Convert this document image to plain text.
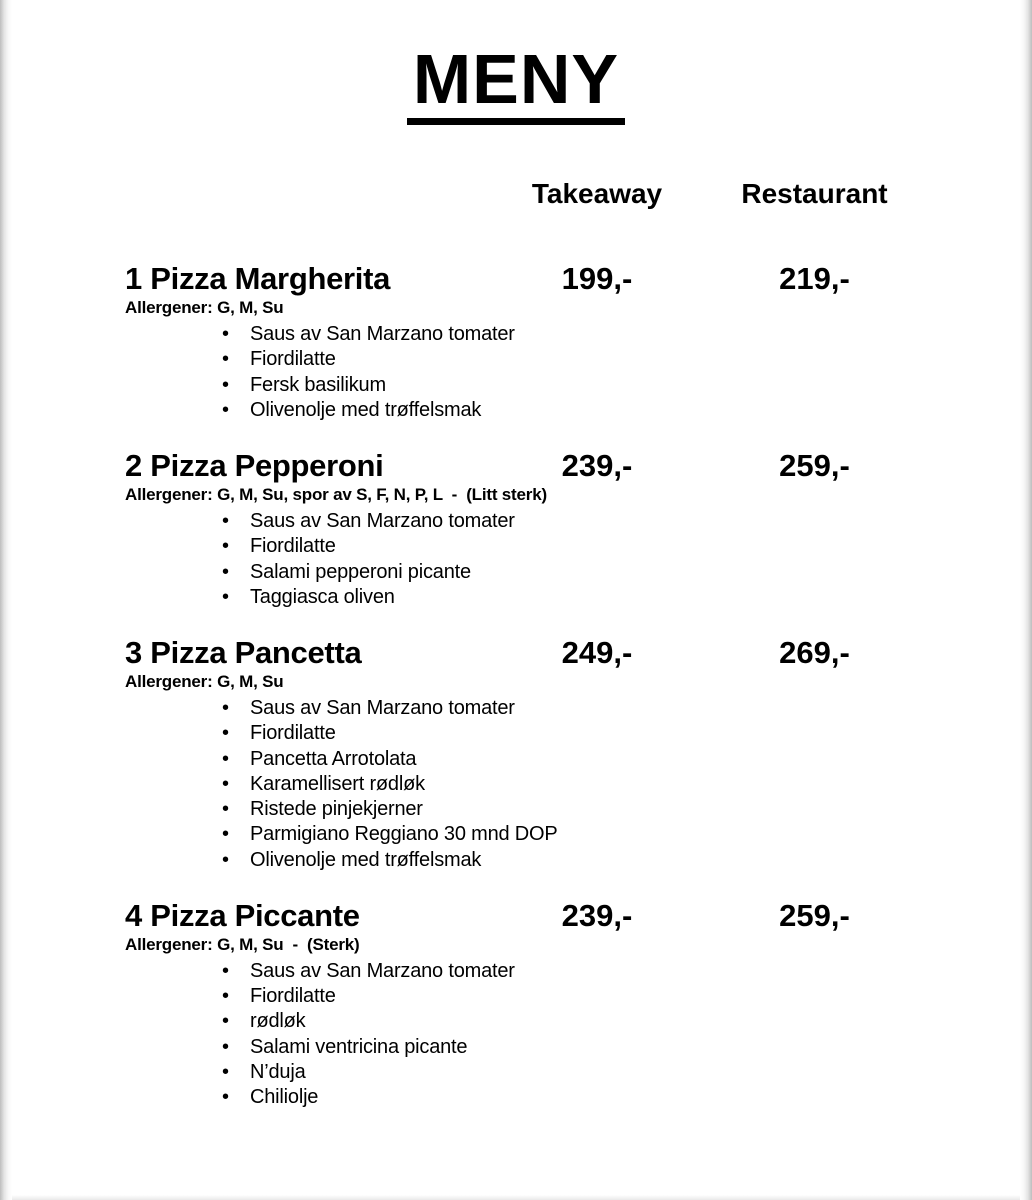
MENY
Takeaway	Restaurant
1 Pizza Margherita	199,-	219,-
Allergener: G, M, Su
• Saus av San Marzano tomater
• Fiordilatte
• Fersk basilikum
• Olivenolje med trøffelsmak
2 Pizza Pepperoni	239,-	259,-
Allergener: G, M, Su, spor av S, F, N, P, L  -  (Litt sterk)
• Saus av San Marzano tomater
• Fiordilatte
• Salami pepperoni picante
• Taggiasca oliven
3 Pizza Pancetta	249,-	269,-
Allergener: G, M, Su
• Saus av San Marzano tomater
• Fiordilatte
• Pancetta Arrotolata
• Karamellisert rødløk
• Ristede pinjekjerner
• Parmigiano Reggiano 30 mnd DOP
• Olivenolje med trøffelsmak
4 Pizza Piccante	239,-	259,-
Allergener: G, M, Su  -  (Sterk)
• Saus av San Marzano tomater
• Fiordilatte
• rødløk
• Salami ventricina picante
• N’duja
• Chiliolje
